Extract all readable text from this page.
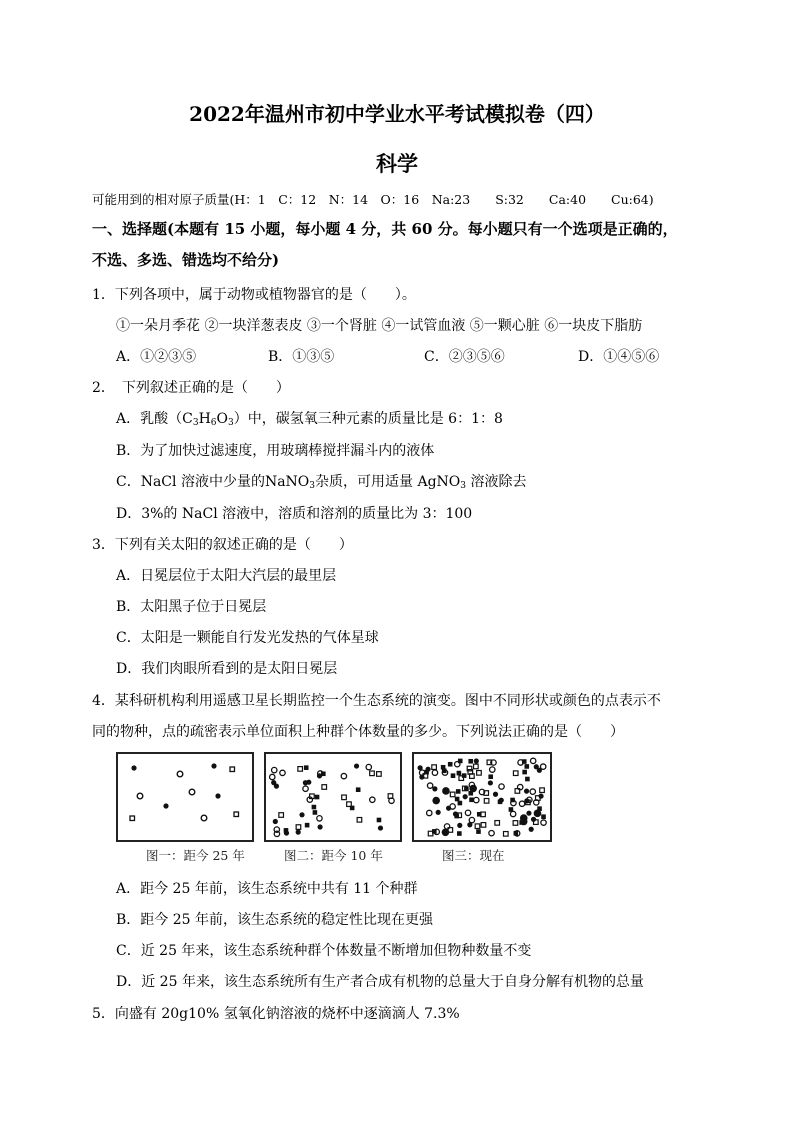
2022年温州市初中学业水平考试模拟卷（四）
科学
可能用到的相对原子质量(H：1　C：12　N：14　O：16　Na:23　　S:32　　Ca:40　　Cu:64)
一、选择题(本题有 15 小题，每小题 4 分，共 60 分。每小题只有一个选项是正确的，
不选、多选、错选均不给分)
1．下列各项中，属于动物或植物器官的是（　　）。
①一朵月季花 ②一块洋葱表皮 ③一个肾脏 ④一试管血液 ⑤一颗心脏 ⑥一块皮下脂肪
A．①②③⑤	B．①③⑤	C．②③⑤⑥	D．①④⑤⑥
2．　下列叙述正确的是（　　）
A．乳酸$(C_3H_6O_3)$中，碳氢氧三种元素的质量比是 6：1：8
B．为了加快过滤速度，用玻璃棒搅拌漏斗内的液体
C．NaCl 溶液中少量的NaNO$_3$杂质，可用适量 AgNO$_3$ 溶液除去
D．3%的 NaCl 溶液中，溶质和溶剂的质量比为 3：100
3．下列有关太阳的叙述正确的是（　　）
A．日冕层位于太阳大汽层的最里层
B．太阳黑子位于日冕层
C．太阳是一颗能自行发光发热的气体星球
D．我们肉眼所看到的是太阳日冕层
4．某科研机构利用遥感卫星长期监控一个生态系统的演变。图中不同形状或颜色的点表示不
同的物种，点的疏密表示单位面积上种群个体数量的多少。下列说法正确的是（　　）
图一：距今 25 年	图二：距今 10 年	图三：现在
A．距今 25 年前，该生态系统中共有 11 个种群
B．距今 25 年前，该生态系统的稳定性比现在更强
C．近 25 年来，该生态系统种群个体数量不断增加但物种数量不变
D．近 25 年来，该生态系统所有生产者合成有机物的总量大于自身分解有机物的总量
5．向盛有 20g10% 氢氧化钠溶液的烧杯中逐滴滴人 7.3%
